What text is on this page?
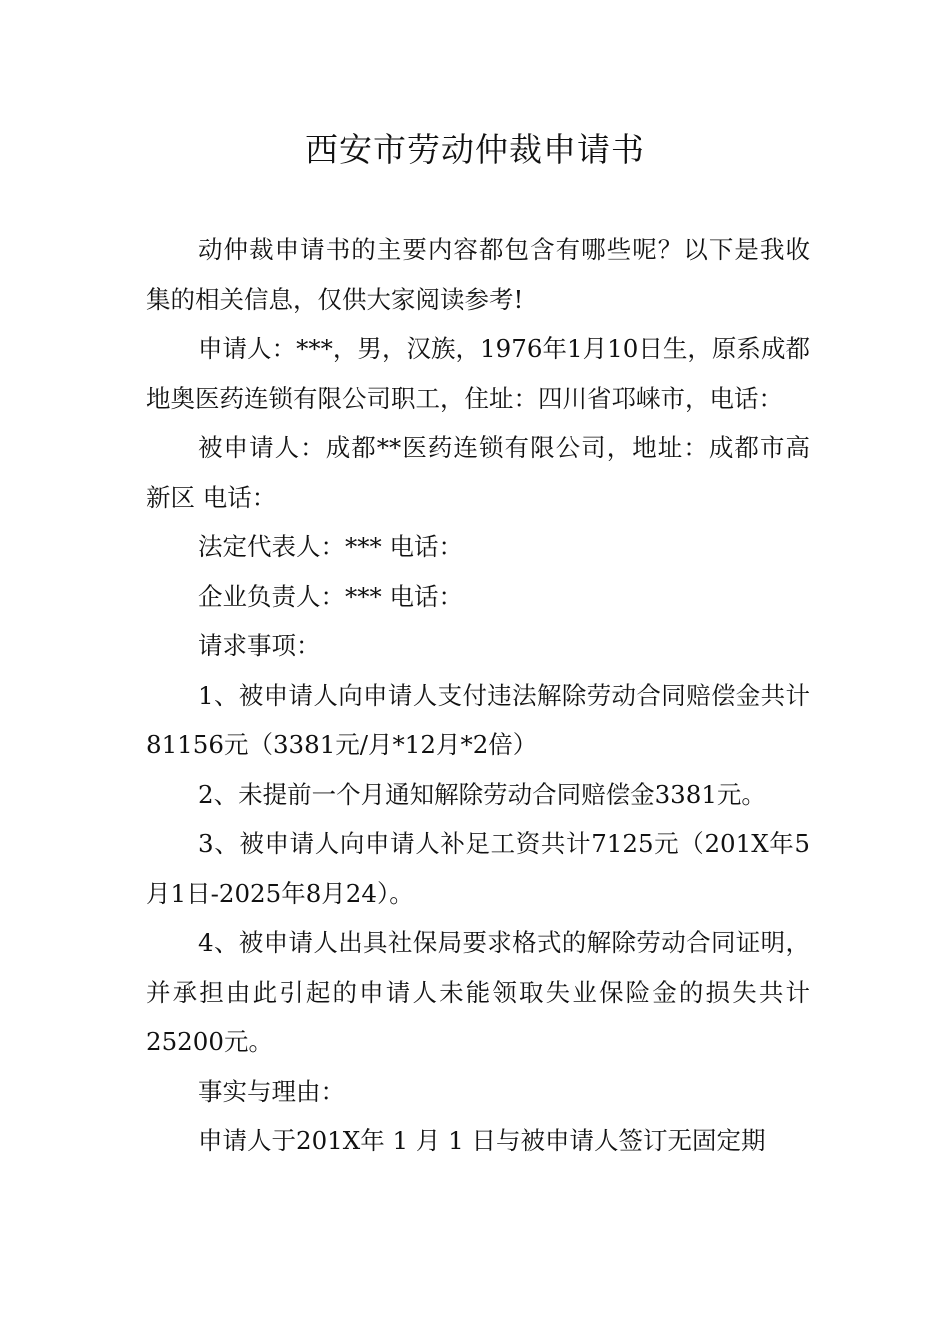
西安市劳动仲裁申请书

动仲裁申请书的主要内容都包含有哪些呢？以下是我收集的相关信息，仅供大家阅读参考!

申请人：***，男，汉族，1976年1月10日生，原系成都地奥医药连锁有限公司职工，住址：四川省邛崃市，电话：

被申请人：成都**医药连锁有限公司，地址：成都市高新区 电话：

法定代表人：*** 电话：

企业负责人：*** 电话：

请求事项：

1、被申请人向申请人支付违法解除劳动合同赔偿金共计81156元（3381元/月*12月*2倍）

2、未提前一个月通知解除劳动合同赔偿金3381元。

3、被申请人向申请人补足工资共计7125元（201X年5月1日-2025年8月24）。

4、被申请人出具社保局要求格式的解除劳动合同证明，并承担由此引起的申请人未能领取失业保险金的损失共计25200元。

事实与理由：

申请人于201X年 1 月 1 日与被申请人签订无固定期
